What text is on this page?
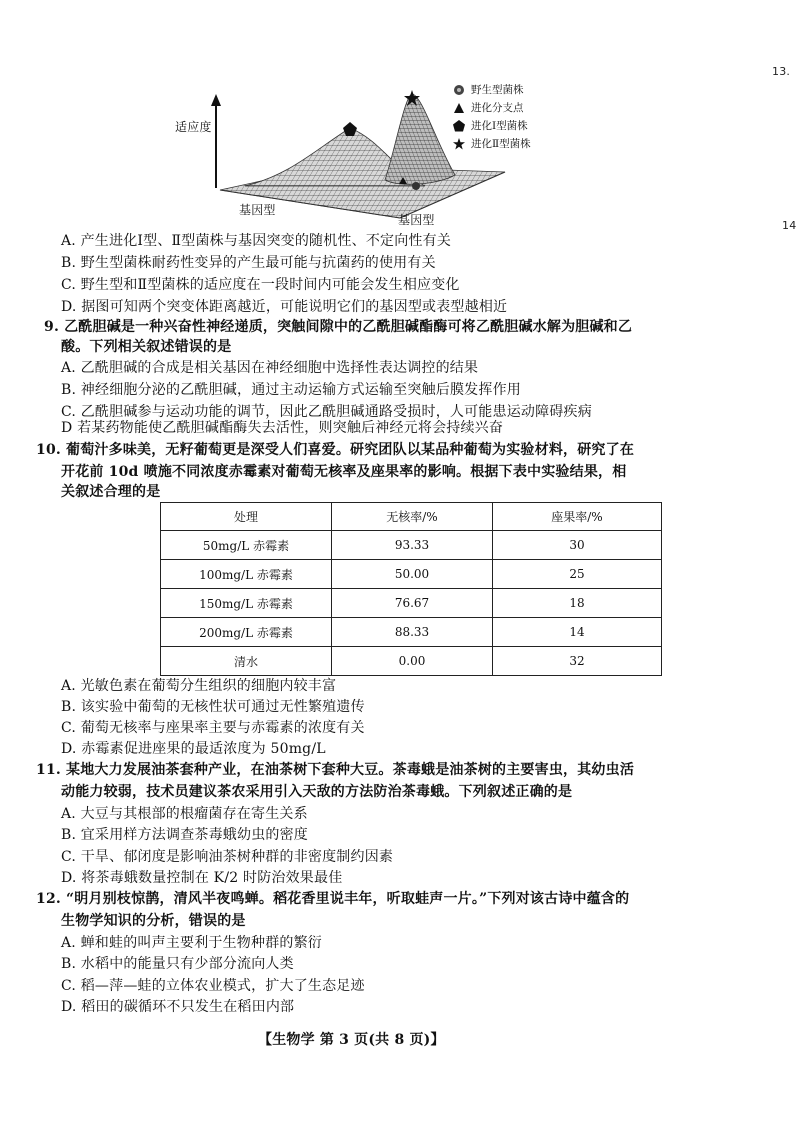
13.
14
适应度
基因型
基因型
野生型菌株
进化分支点
进化Ⅰ型菌株
进化Ⅱ型菌株
A. 产生进化Ⅰ型、Ⅱ型菌株与基因突变的随机性、不定向性有关
B. 野生型菌株耐药性变异的产生最可能与抗菌药的使用有关
C. 野生型和Ⅱ型菌株的适应度在一段时间内可能会发生相应变化
D. 据图可知两个突变体距离越近，可能说明它们的基因型或表型越相近
9. 乙酰胆碱是一种兴奋性神经递质，突触间隙中的乙酰胆碱酯酶可将乙酰胆碱水解为胆碱和乙
酸。下列相关叙述错误的是
A. 乙酰胆碱的合成是相关基因在神经细胞中选择性表达调控的结果
B. 神经细胞分泌的乙酰胆碱，通过主动运输方式运输至突触后膜发挥作用
C. 乙酰胆碱参与运动功能的调节，因此乙酰胆碱通路受损时，人可能患运动障碍疾病
D 若某药物能使乙酰胆碱酯酶失去活性，则突触后神经元将会持续兴奋
10. 葡萄汁多味美，无籽葡萄更是深受人们喜爱。研究团队以某品种葡萄为实验材料，研究了在
开花前 10d 喷施不同浓度赤霉素对葡萄无核率及座果率的影响。根据下表中实验结果，相
关叙述合理的是
处理	无核率/%	座果率/%
50mg/L 赤霉素	93.33	30
100mg/L 赤霉素	50.00	25
150mg/L 赤霉素	76.67	18
200mg/L 赤霉素	88.33	14
清水	0.00	32
A. 光敏色素在葡萄分生组织的细胞内较丰富
B. 该实验中葡萄的无核性状可通过无性繁殖遗传
C. 葡萄无核率与座果率主要与赤霉素的浓度有关
D. 赤霉素促进座果的最适浓度为 50mg/L
11. 某地大力发展油茶套种产业，在油茶树下套种大豆。茶毒蛾是油茶树的主要害虫，其幼虫活
动能力较弱，技术员建议茶农采用引入天敌的方法防治茶毒蛾。下列叙述正确的是
A. 大豆与其根部的根瘤菌存在寄生关系
B. 宜采用样方法调查茶毒蛾幼虫的密度
C. 干旱、郁闭度是影响油茶树种群的非密度制约因素
D. 将茶毒蛾数量控制在 K/2 时防治效果最佳
12. “明月别枝惊鹊，清风半夜鸣蝉。稻花香里说丰年，听取蛙声一片。”下列对该古诗中蕴含的
生物学知识的分析，错误的是
A. 蝉和蛙的叫声主要利于生物种群的繁衍
B. 水稻中的能量只有少部分流向人类
C. 稻—萍—蛙的立体农业模式，扩大了生态足迹
D. 稻田的碳循环不只发生在稻田内部
【生物学 第 3 页(共 8 页)】
